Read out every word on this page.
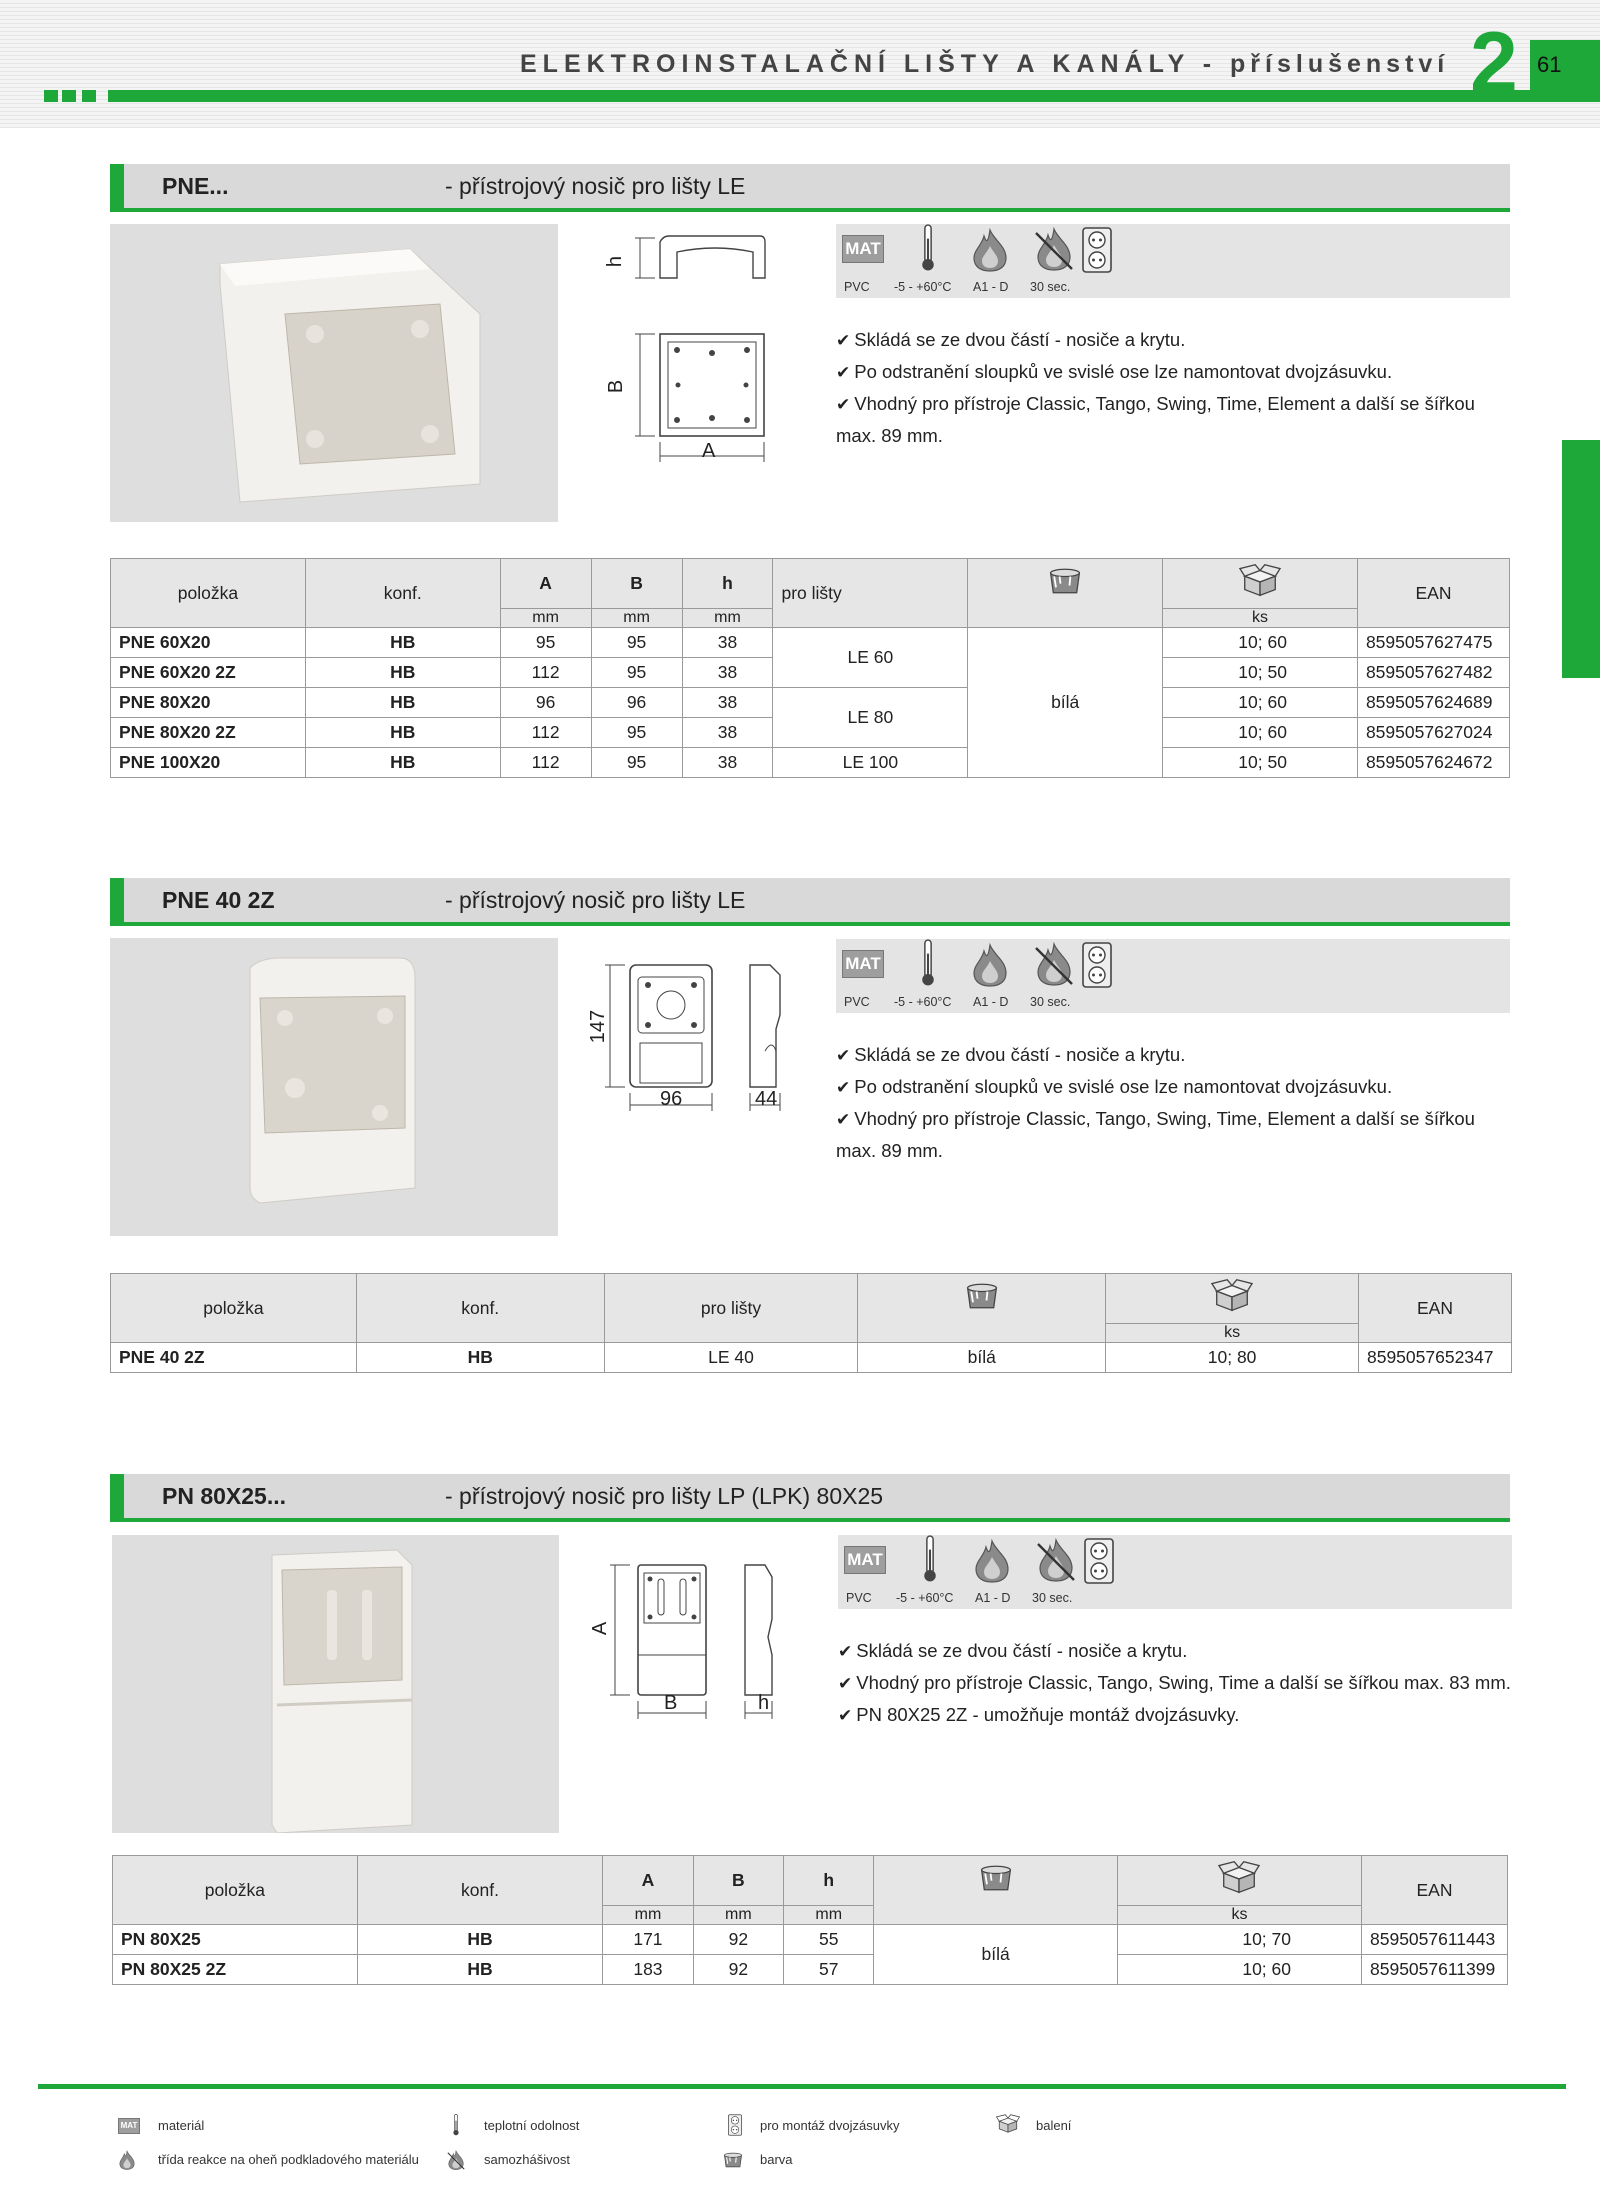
ELEKTROINSTALAČNÍ LIŠTY A KANÁLY - příslušenství 2 61
PNE...	- přístrojový nosič pro lišty LE
h
B
A
MAT
PVC -5 - +60°C A1 - D 30 sec.
✔ Skládá se ze dvou částí - nosiče a krytu.
✔ Po odstranění sloupků ve svislé ose lze namontovat dvojzásuvku.
✔ Vhodný pro přístroje Classic, Tango, Swing, Time, Element a další se šířkou max. 89 mm.
položka	konf.	A	B	h	pro lišty			EAN
		mm	mm	mm			ks	
PNE 60X20	HB	95	95	38	LE 60	bílá	10; 60	8595057627475
PNE 60X20 2Z	HB	112	95	38			10; 50	8595057627482
PNE 80X20	HB	96	96	38	LE 80		10; 60	8595057624689
PNE 80X20 2Z	HB	112	95	38			10; 60	8595057627024
PNE 100X20	HB	112	95	38	LE 100		10; 50	8595057624672
PNE 40 2Z	- přístrojový nosič pro lišty LE
147
96	44
MAT
PVC -5 - +60°C A1 - D 30 sec.
✔ Skládá se ze dvou částí - nosiče a krytu.
✔ Po odstranění sloupků ve svislé ose lze namontovat dvojzásuvku.
✔ Vhodný pro přístroje Classic, Tango, Swing, Time, Element a další se šířkou max. 89 mm.
položka	konf.	pro lišty			EAN
				ks	
PNE 40 2Z	HB	LE 40	bílá	10; 80	8595057652347
PN 80X25...	- přístrojový nosič pro lišty LP (LPK) 80X25
A
B	h
MAT
PVC -5 - +60°C A1 - D 30 sec.
✔ Skládá se ze dvou částí - nosiče a krytu.
✔ Vhodný pro přístroje Classic, Tango, Swing, Time a další se šířkou max. 83 mm.
✔ PN 80X25 2Z - umožňuje montáž dvojzásuvky.
položka	konf.	A	B	h			EAN
		mm	mm	mm		ks	
PN 80X25	HB	171	92	55	bílá	10; 70	8595057611443
PN 80X25 2Z	HB	183	92	57		10; 60	8595057611399
MAT materiál	teplotní odolnost	pro montáž dvojzásuvky	balení
třída reakce na oheň podkladového materiálu	samozhášivost	barva
